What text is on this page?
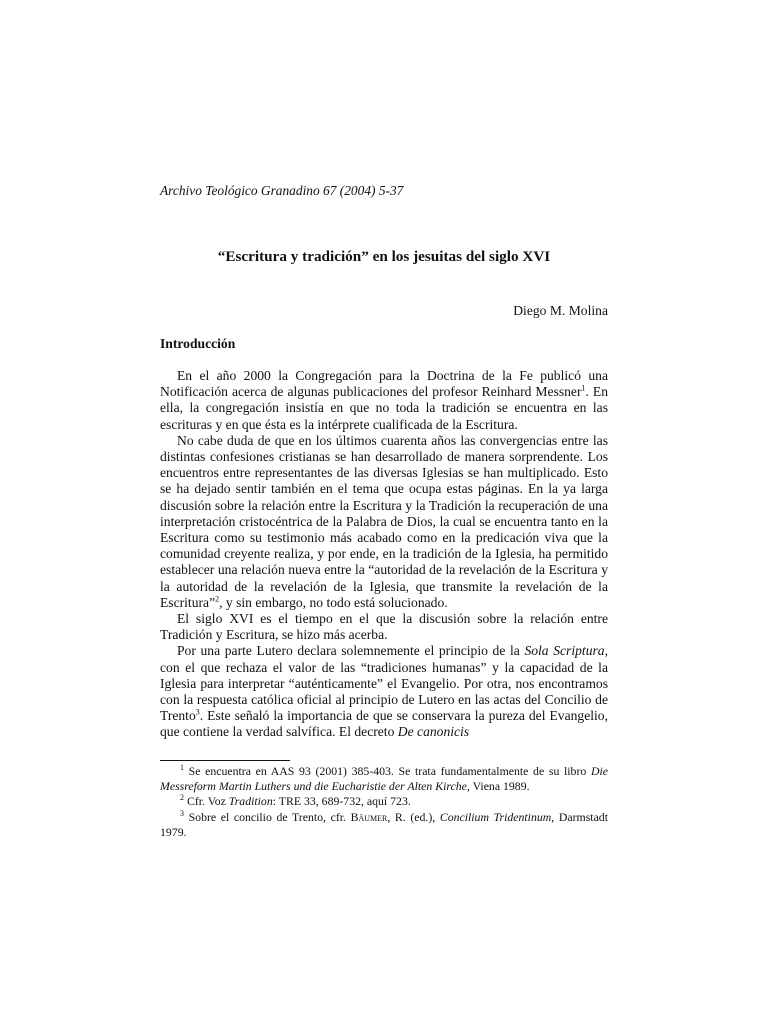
Archivo Teológico Granadino 67 (2004) 5-37
“Escritura y tradición” en los jesuitas del siglo XVI
Diego M. Molina
Introducción

En el año 2000 la Congregación para la Doctrina de la Fe publicó una Notificación acerca de algunas publicaciones del profesor Reinhard Messner$^1$. En ella, la congregación insistía en que no toda la tradición se encuentra en las escrituras y en que ésta es la intérprete cualificada de la Escritura.

No cabe duda de que en los últimos cuarenta años las convergencias entre las distintas confesiones cristianas se han desarrollado de manera sorprendente. Los encuentros entre representantes de las diversas Iglesias se han multiplicado. Esto se ha dejado sentir también en el tema que ocupa estas páginas. En la ya larga discusión sobre la relación entre la Escritura y la Tradición la recuperación de una interpretación cristocéntrica de la Palabra de Dios, la cual se encuentra tanto en la Escritura como su testimonio más acabado como en la predicación viva que la comunidad creyente realiza, y por ende, en la tradición de la Iglesia, ha permitido establecer una relación nueva entre la “autoridad de la revelación de la Escritura y la autoridad de la revelación de la Iglesia, que transmite la revelación de la Escritura”$^2$, y sin embargo, no todo está solucionado.

El siglo XVI es el tiempo en el que la discusión sobre la relación entre Tradición y Escritura, se hizo más acerba.

Por una parte Lutero declara solemnemente el principio de la Sola Scriptura, con el que rechaza el valor de las “tradiciones humanas” y la capacidad de la Iglesia para interpretar “auténticamente” el Evangelio. Por otra, nos encontramos con la respuesta católica oficial al principio de Lutero en las actas del Concilio de Trento$^3$. Este señaló la importancia de que se conservara la pureza del Evangelio, que contiene la verdad salvífica. El decreto De canonicis

$^1$ Se encuentra en AAS 93 (2001) 385-403. Se trata fundamentalmente de su libro Die Messreform Martin Luthers und die Eucharistie der Alten Kirche, Viena 1989.

$^2$ Cfr. Voz Tradition: TRE 33, 689-732, aquí 723.

$^3$ Sobre el concilio de Trento, cfr. Bäumer, R. (ed.), Concilium Tridentinum, Darmstadt 1979.
